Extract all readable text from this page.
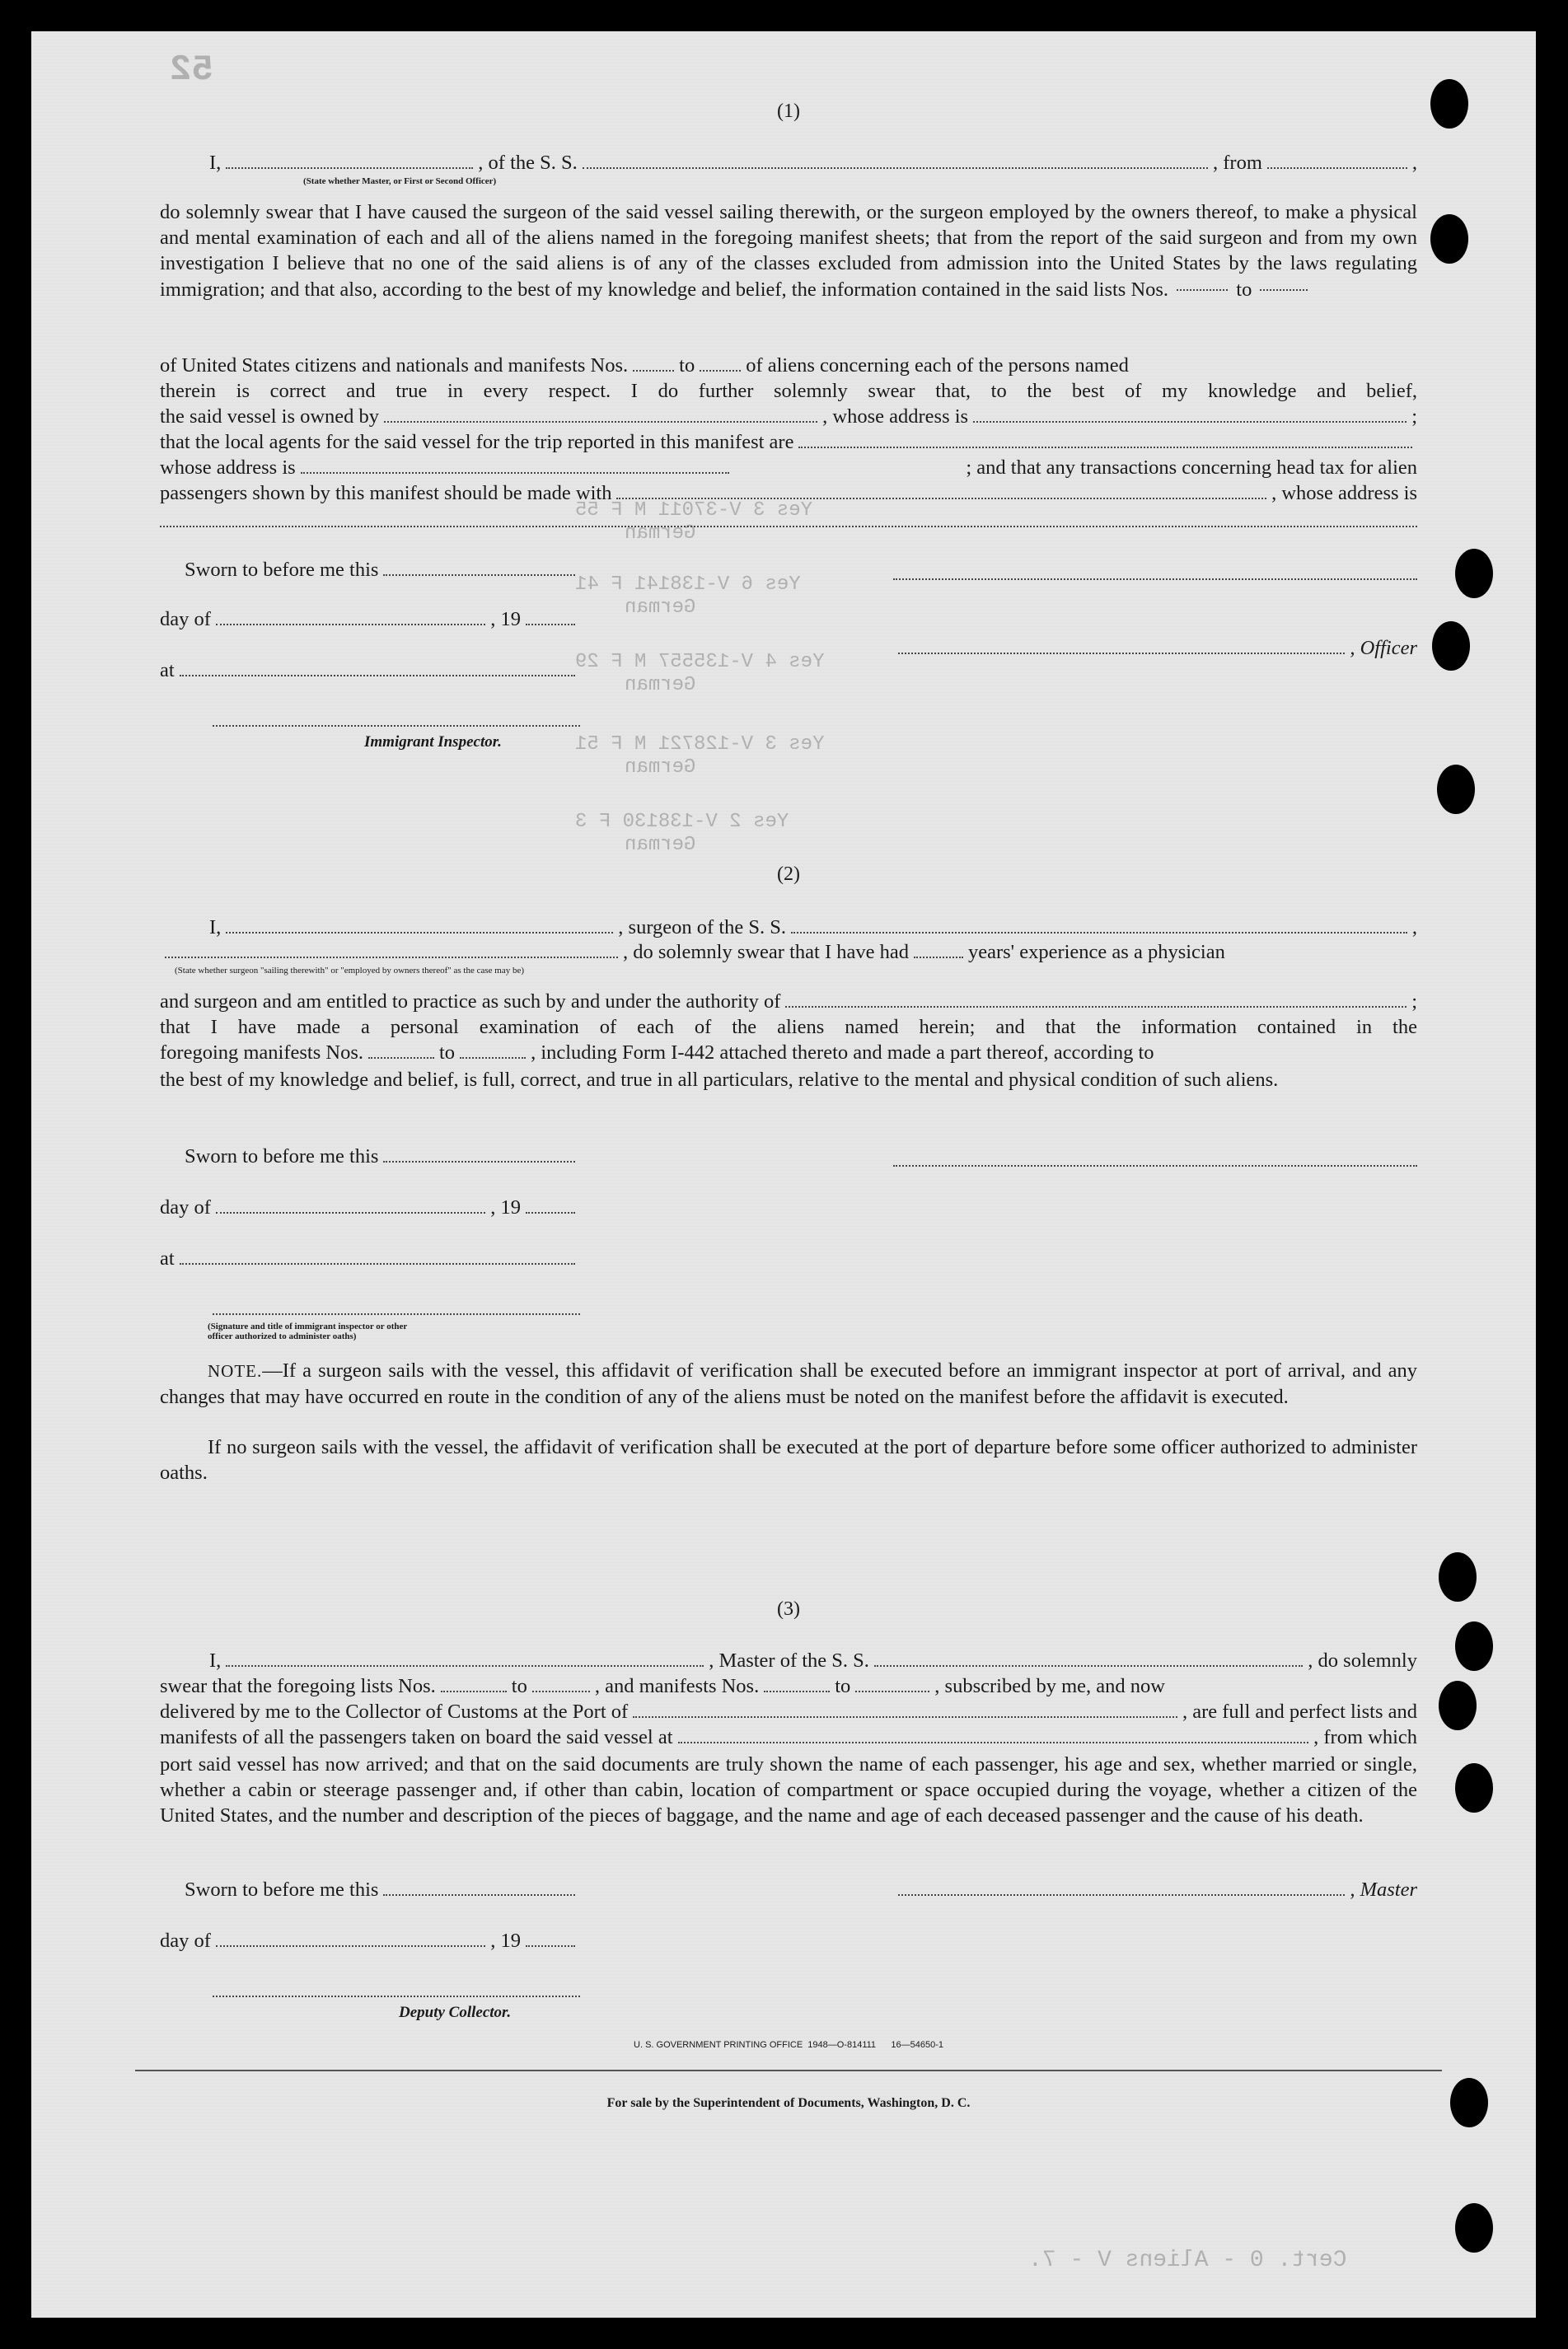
52
Yes 3 V-37011 M F 55
German
Yes 6 V-138141 F 41
German
Yes 4 V-135557 M F 29
German
Yes 3 V-128721 M F 51
German
Yes 2 V-138130 F 3
German
Cert. 0 - Aliens V - 7.
(1)
I,	, of the S. S.	, from	,
(State whether Master, or First or Second Officer)
do solemnly swear that I have caused the surgeon of the said vessel sailing therewith, or the surgeon employed by the owners thereof, to make a physical and mental examination of each and all of the aliens named in the foregoing manifest sheets; that from the report of the said surgeon and from my own investigation I believe that no one of the said aliens is of any of the classes excluded from admission into the United States by the laws regulating immigration; and that also, according to the best of my knowledge and belief, the information contained in the said lists Nos.	to
of United States citizens and nationals and manifests Nos.	to	of aliens concerning each of the persons named
therein is correct and true in every respect. I do further solemnly swear that, to the best of my knowledge and belief,
the said vessel is owned by	, whose address is	;
that the local agents for the said vessel for the trip reported in this manifest are
whose address is	; and that any transactions concerning head tax for alien
passengers shown by this manifest should be made with	, whose address is
Sworn to before me this
day of	, 19
, Officer
at
Immigrant Inspector.
(2)
I,	, surgeon of the S. S.	,
, do solemnly swear that I have had	years' experience as a physician
(State whether surgeon "sailing therewith" or "employed by owners thereof" as the case may be)
and surgeon and am entitled to practice as such by and under the authority of	;
that I have made a personal examination of each of the aliens named herein; and that the information contained in the
foregoing manifests Nos.	to	, including Form I-442 attached thereto and made a part thereof, according to
the best of my knowledge and belief, is full, correct, and true in all particulars, relative to the mental and physical condition of such aliens.
Sworn to before me this
day of	, 19
at
(Signature and title of immigrant inspector or other officer authorized to administer oaths)
NOTE.—If a surgeon sails with the vessel, this affidavit of verification shall be executed before an immigrant inspector at port of arrival, and any changes that may have occurred en route in the condition of any of the aliens must be noted on the manifest before the affidavit is executed.
If no surgeon sails with the vessel, the affidavit of verification shall be executed at the port of departure before some officer authorized to administer oaths.
(3)
I,	, Master of the S. S.	, do solemnly
swear that the foregoing lists Nos.	to	, and manifests Nos.	to	, subscribed by me, and now
delivered by me to the Collector of Customs at the Port of	, are full and perfect lists and
manifests of all the passengers taken on board the said vessel at	, from which
port said vessel has now arrived; and that on the said documents are truly shown the name of each passenger, his age and sex, whether married or single, whether a cabin or steerage passenger and, if other than cabin, location of compartment or space occupied during the voyage, whether a citizen of the United States, and the number and description of the pieces of baggage, and the name and age of each deceased passenger and the cause of his death.
Sworn to before me this	, Master
day of	, 19
Deputy Collector.
U. S. GOVERNMENT PRINTING OFFICE  1948—O-814111      16—54650-1
For sale by the Superintendent of Documents, Washington, D. C.
